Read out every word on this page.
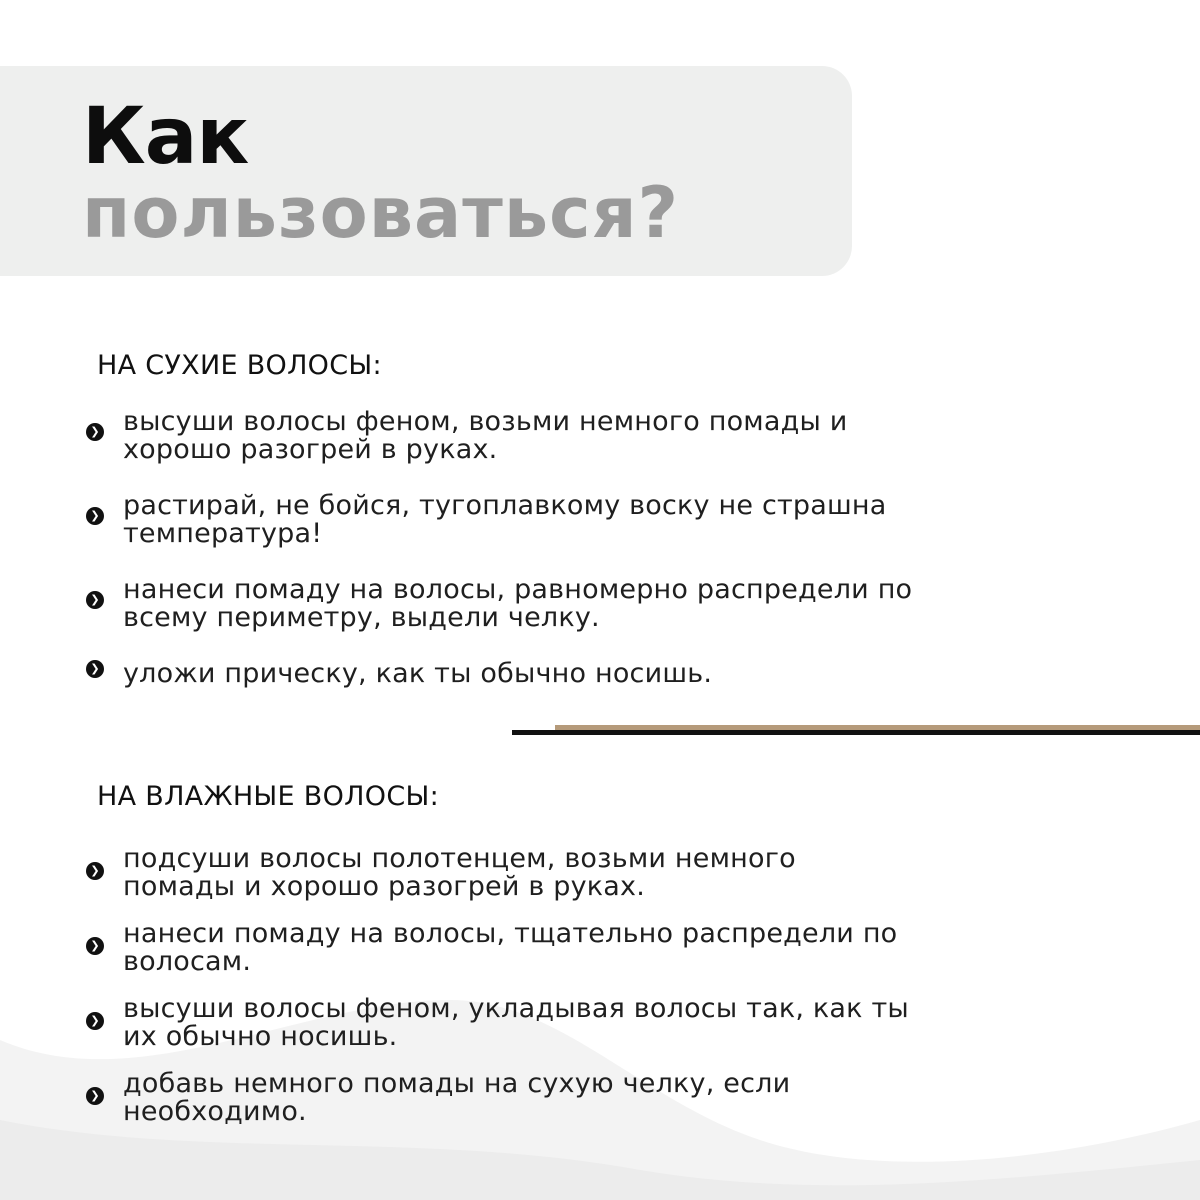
Как
пользоваться?
НА СУХИЕ ВОЛОСЫ:
❯ высуши волосы феном, возьми немного помады и хорошо разогрей в руках.
❯ растирай, не бойся, тугоплавкому воску не страшна температура!
❯ нанеси помаду на волосы, равномерно распредели по всему периметру, выдели челку.
❯ уложи прическу, как ты обычно носишь.
НА ВЛАЖНЫЕ ВОЛОСЫ:
❯ подсуши волосы полотенцем, возьми немного помады и хорошо разогрей в руках.
❯ нанеси помаду на волосы, тщательно распредели по волосам.
❯ высуши волосы феном, укладывая волосы так, как ты их обычно носишь.
❯ добавь немного помады на сухую челку, если необходимо.
